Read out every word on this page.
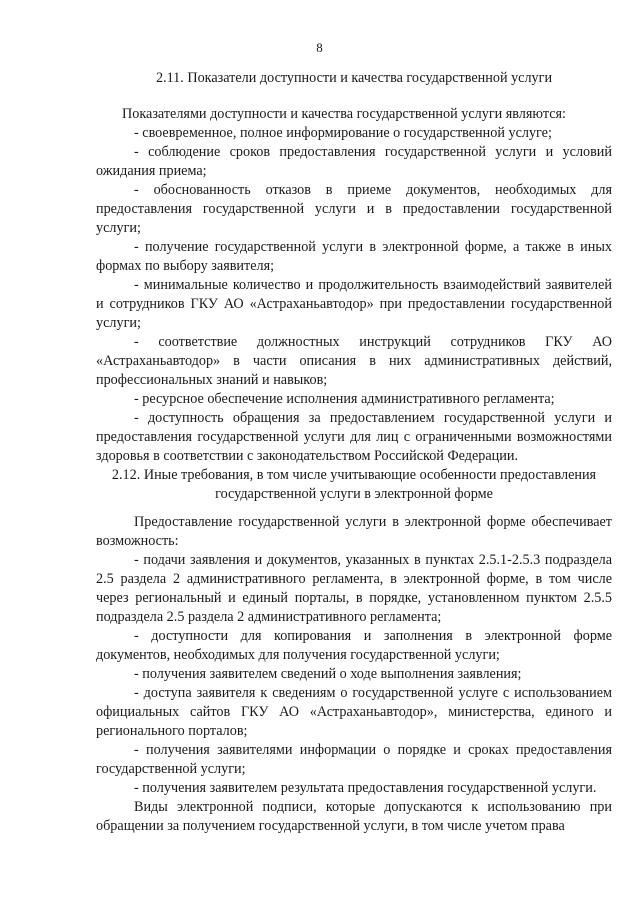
8
2.11. Показатели доступности и качества государственной услуги

Показателями доступности и качества государственной услуги являются:

- своевременное, полное информирование о государственной услуге;

- соблюдение сроков предоставления государственной услуги и условий ожидания приема;

- обоснованность отказов в приеме документов, необходимых для предоставления государственной услуги и в предоставлении государственной услуги;

- получение государственной услуги в электронной форме, а также в иных формах по выбору заявителя;

- минимальные количество и продолжительность взаимодействий заявителей и сотрудников ГКУ АО «Астраханьавтодор» при предоставлении государственной услуги;

- соответствие должностных инструкций сотрудников ГКУ АО «Астраханьавтодор» в части описания в них административных действий, профессиональных знаний и навыков;

- ресурсное обеспечение исполнения административного регламента;

- доступность обращения за предоставлением государственной услуги и предоставления государственной услуги для лиц с ограниченными возможностями здоровья в соответствии с законодательством Российской Федерации.

2.12. Иные требования, в том числе учитывающие особенности предоставления государственной услуги в электронной форме

Предоставление государственной услуги в электронной форме обеспечивает возможность:

- подачи заявления и документов, указанных в пунктах 2.5.1-2.5.3 подраздела 2.5 раздела 2 административного регламента, в электронной форме, в том числе через региональный и единый порталы, в порядке, установленном пунктом 2.5.5 подраздела 2.5 раздела 2 административного регламента;

- доступности для копирования и заполнения в электронной форме документов, необходимых для получения государственной услуги;

- получения заявителем сведений о ходе выполнения заявления;

- доступа заявителя к сведениям о государственной услуге с использованием официальных сайтов ГКУ АО «Астраханьавтодор», министерства, единого и регионального порталов;

- получения заявителями информации о порядке и сроках предоставления государственной услуги;

- получения заявителем результата предоставления государственной услуги.

Виды электронной подписи, которые допускаются к использованию при обращении за получением государственной услуги, в том числе учетом права
